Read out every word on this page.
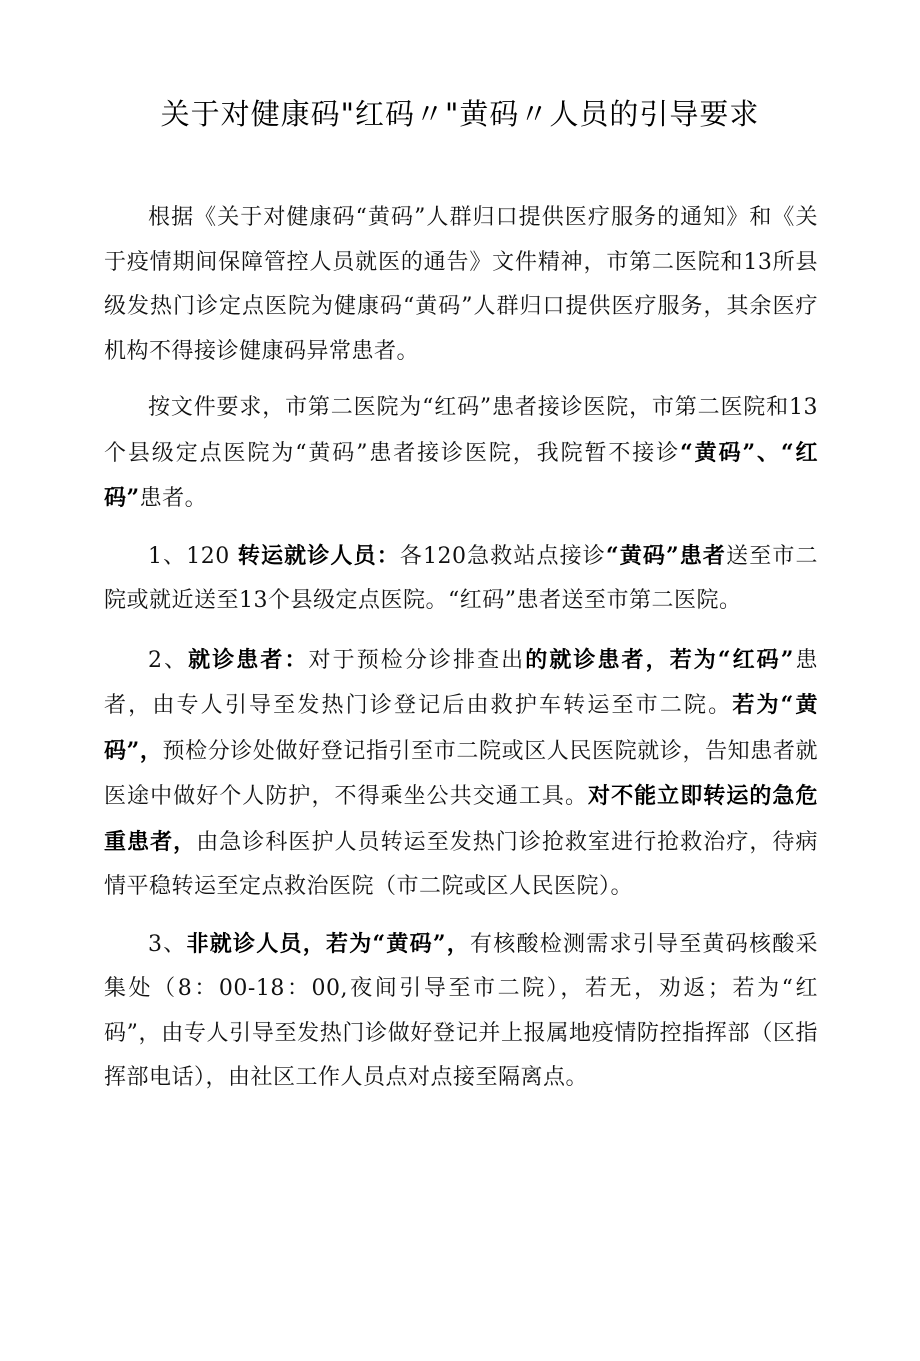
关于对健康码"红码〃"黄码〃人员的引导要求

根据《关于对健康码“黄码”人群归口提供医疗服务的通知》和《关于疫情期间保障管控人员就医的通告》文件精神，市第二医院和13所县级发热门诊定点医院为健康码“黄码”人群归口提供医疗服务，其余医疗机构不得接诊健康码异常患者。

按文件要求，市第二医院为“红码”患者接诊医院，市第二医院和13个县级定点医院为“黄码”患者接诊医院，我院暂不接诊“黄码”、“红码”患者。

1、120 转运就诊人员：各120急救站点接诊“黄码”患者送至市二院或就近送至13个县级定点医院。“红码”患者送至市第二医院。

2、就诊患者：对于预检分诊排查出的就诊患者，若为“红码”患者，由专人引导至发热门诊登记后由救护车转运至市二院。若为“黄码”，预检分诊处做好登记指引至市二院或区人民医院就诊，告知患者就医途中做好个人防护，不得乘坐公共交通工具。对不能立即转运的急危重患者，由急诊科医护人员转运至发热门诊抢救室进行抢救治疗，待病情平稳转运至定点救治医院（市二院或区人民医院）。

3、非就诊人员，若为“黄码”，有核酸检测需求引导至黄码核酸采集处（8：00-18：00,夜间引导至市二院），若无，劝返；若为“红码”，由专人引导至发热门诊做好登记并上报属地疫情防控指挥部（区指挥部电话），由社区工作人员点对点接至隔离点。
